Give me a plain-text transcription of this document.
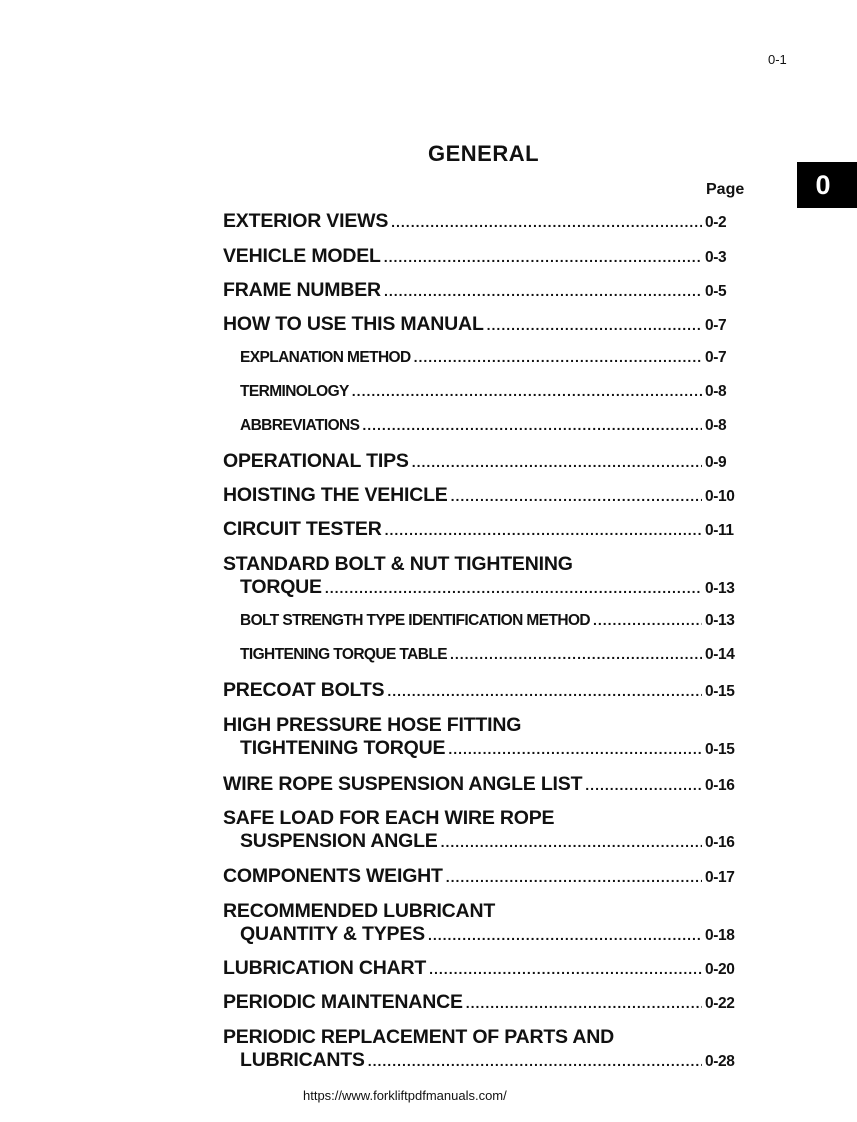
0-1
GENERAL
Page	0
EXTERIOR VIEWS .....	0-2
VEHICLE MODEL .....	0-3
FRAME NUMBER .....	0-5
HOW TO USE THIS MANUAL .....	0-7
EXPLANATION METHOD .....	0-7
TERMINOLOGY .....	0-8
ABBREVIATIONS .....	0-8
OPERATIONAL TIPS .....	0-9
HOISTING THE VEHICLE .....	0-10
CIRCUIT TESTER .....	0-11
STANDARD BOLT & NUT TIGHTENING
TORQUE .....	0-13
BOLT STRENGTH TYPE IDENTIFICATION METHOD .....	0-13
TIGHTENING TORQUE TABLE .....	0-14
PRECOAT BOLTS .....	0-15
HIGH PRESSURE HOSE FITTING
TIGHTENING TORQUE .....	0-15
WIRE ROPE SUSPENSION ANGLE LIST .....	0-16
SAFE LOAD FOR EACH WIRE ROPE
SUSPENSION ANGLE .....	0-16
COMPONENTS WEIGHT .....	0-17
RECOMMENDED LUBRICANT
QUANTITY & TYPES .....	0-18
LUBRICATION CHART .....	0-20
PERIODIC MAINTENANCE .....	0-22
PERIODIC REPLACEMENT OF PARTS AND
LUBRICANTS .....	0-28
https://www.forkliftpdfmanuals.com/
